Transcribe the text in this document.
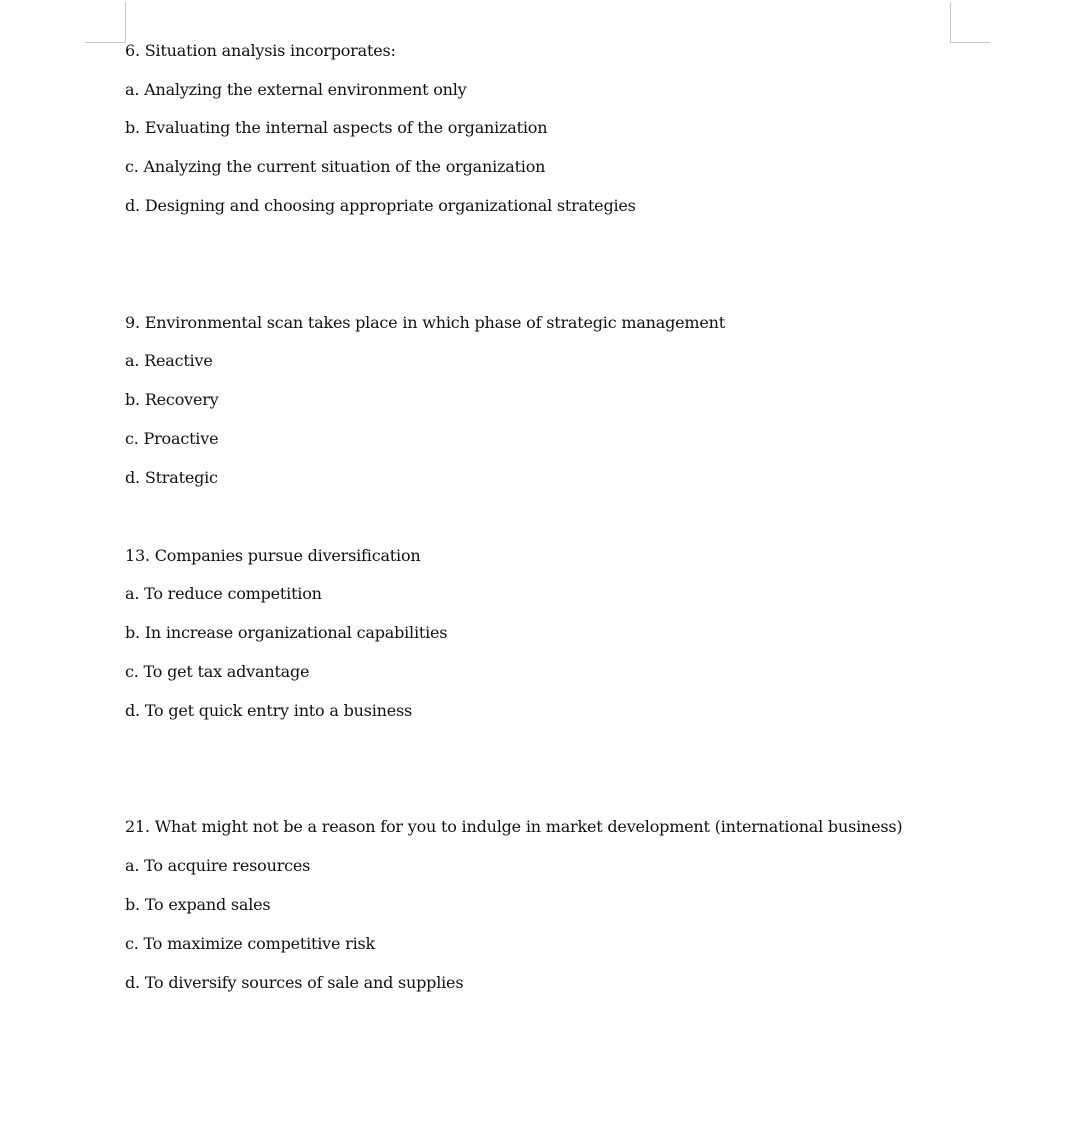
6. Situation analysis incorporates:
a. Analyzing the external environment only
b. Evaluating the internal aspects of the organization
c. Analyzing the current situation of the organization
d. Designing and choosing appropriate organizational strategies
9. Environmental scan takes place in which phase of strategic management
a. Reactive
b. Recovery
c. Proactive
d. Strategic
13. Companies pursue diversification
a. To reduce competition
b. In increase organizational capabilities
c. To get tax advantage
d. To get quick entry into a business
21. What might not be a reason for you to indulge in market development (international business)
a. To acquire resources
b. To expand sales
c. To maximize competitive risk
d. To diversify sources of sale and supplies
